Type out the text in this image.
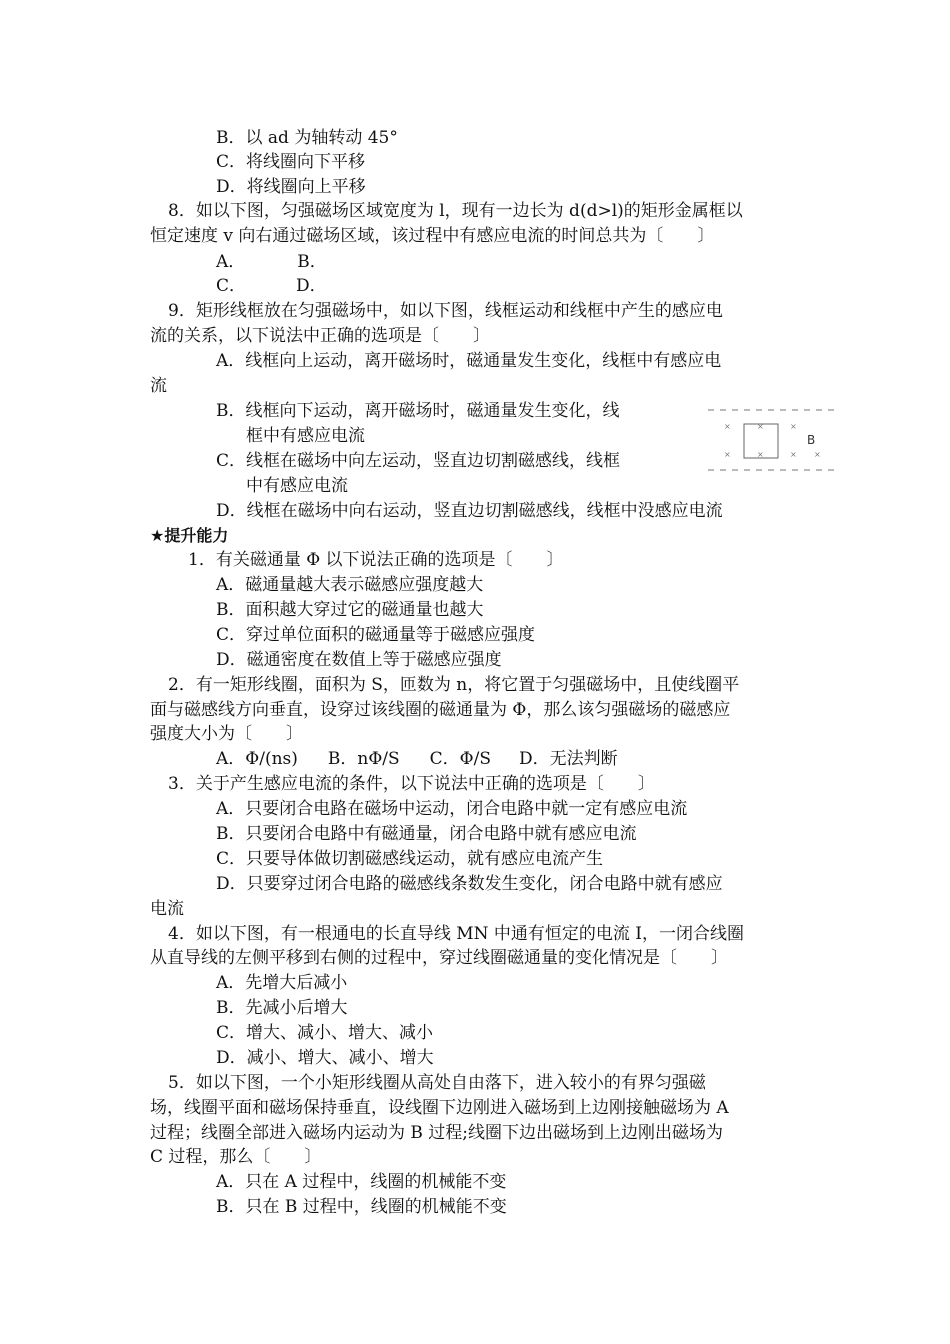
B．以 ad 为轴转动 45°
C．将线圈向下平移
D．将线圈向上平移
8．如以下图，匀强磁场区域宽度为 l，现有一边长为 d(d>l)的矩形金属框以
恒定速度 v 向右通过磁场区域，该过程中有感应电流的时间总共为〔　　〕
A．	B．
C．	D．
9．矩形线框放在匀强磁场中，如以下图，线框运动和线框中产生的感应电
流的关系，以下说法中正确的选项是〔　　〕
A．线框向上运动，离开磁场时，磁通量发生变化，线框中有感应电
流
B．线框向下运动，离开磁场时，磁通量发生变化，线
框中有感应电流
C．线框在磁场中向左运动，竖直边切割磁感线，线框
中有感应电流
D．线框在磁场中向右运动，竖直边切割磁感线，线框中没感应电流
★提升能力
1．有关磁通量 Φ 以下说法正确的选项是〔　　〕
A．磁通量越大表示磁感应强度越大
B．面积越大穿过它的磁通量也越大
C．穿过单位面积的磁通量等于磁感应强度
D．磁通密度在数值上等于磁感应强度
2．有一矩形线圈，面积为 S，匝数为 n，将它置于匀强磁场中，且使线圈平
面与磁感线方向垂直，设穿过该线圈的磁通量为 Φ，那么该匀强磁场的磁感应
强度大小为〔　　〕
A．Φ/(ns) B．nΦ/S C．Φ/S D．无法判断
3．关于产生感应电流的条件，以下说法中正确的选项是〔　　〕
A．只要闭合电路在磁场中运动，闭合电路中就一定有感应电流
B．只要闭合电路中有磁通量，闭合电路中就有感应电流
C．只要导体做切割磁感线运动，就有感应电流产生
D．只要穿过闭合电路的磁感线条数发生变化，闭合电路中就有感应
电流
4．如以下图，有一根通电的长直导线 MN 中通有恒定的电流 I，一闭合线圈
从直导线的左侧平移到右侧的过程中，穿过线圈磁通量的变化情况是〔　　〕
A．先增大后减小
B．先减小后增大
C．增大、减小、增大、减小
D．减小、增大、减小、增大
5．如以下图，一个小矩形线圈从高处自由落下，进入较小的有界匀强磁
场，线圈平面和磁场保持垂直，设线圈下边刚进入磁场到上边刚接触磁场为 A
过程；线圈全部进入磁场内运动为 B 过程;线圈下边出磁场到上边刚出磁场为
C 过程，那么〔　　〕
A．只在 A 过程中，线圈的机械能不变
B．只在 B 过程中，线圈的机械能不变
×	×	×
×	×	× ×
B
